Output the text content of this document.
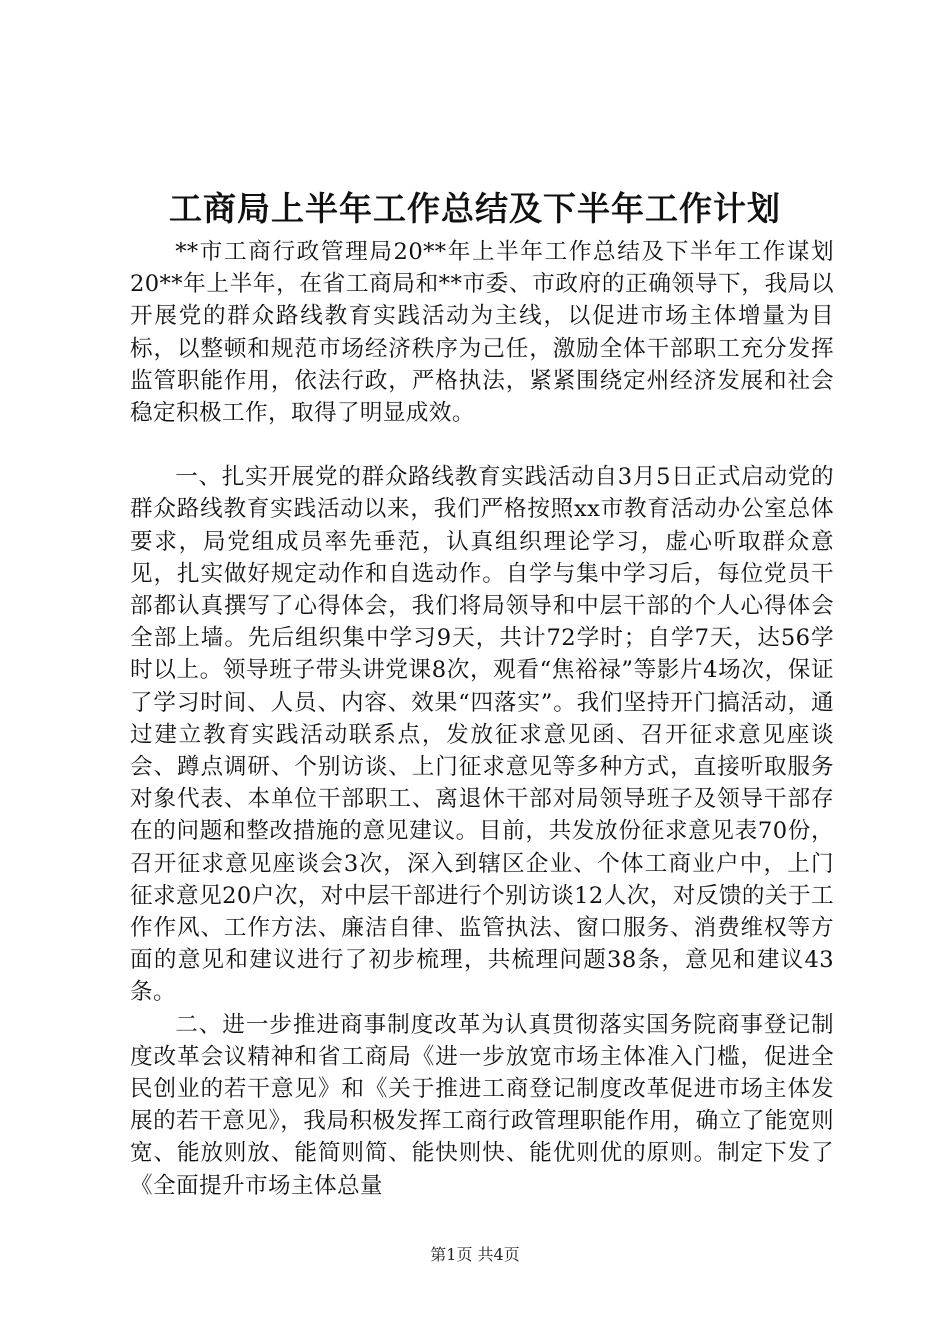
工商局上半年工作总结及下半年工作计划

**市工商行政管理局20**年上半年工作总结及下半年工作谋划20**年上半年，在省工商局和**市委、市政府的正确领导下，我局以开展党的群众路线教育实践活动为主线，以促进市场主体增量为目标，以整顿和规范市场经济秩序为己任，激励全体干部职工充分发挥监管职能作用，依法行政，严格执法，紧紧围绕定州经济发展和社会稳定积极工作，取得了明显成效。

一、扎实开展党的群众路线教育实践活动自3月5日正式启动党的群众路线教育实践活动以来，我们严格按照xx市教育活动办公室总体要求，局党组成员率先垂范，认真组织理论学习，虚心听取群众意见，扎实做好规定动作和自选动作。自学与集中学习后，每位党员干部都认真撰写了心得体会，我们将局领导和中层干部的个人心得体会全部上墙。先后组织集中学习9天，共计72学时；自学7天，达56学时以上。领导班子带头讲党课8次，观看“焦裕禄”等影片4场次，保证了学习时间、人员、内容、效果“四落实”。我们坚持开门搞活动，通过建立教育实践活动联系点，发放征求意见函、召开征求意见座谈会、蹲点调研、个别访谈、上门征求意见等多种方式，直接听取服务对象代表、本单位干部职工、离退休干部对局领导班子及领导干部存在的问题和整改措施的意见建议。目前，共发放份征求意见表70份，召开征求意见座谈会3次，深入到辖区企业、个体工商业户中，上门征求意见20户次，对中层干部进行个别访谈12人次，对反馈的关于工作作风、工作方法、廉洁自律、监管执法、窗口服务、消费维权等方面的意见和建议进行了初步梳理，共梳理问题38条，意见和建议43条。

二、进一步推进商事制度改革为认真贯彻落实国务院商事登记制度改革会议精神和省工商局《进一步放宽市场主体准入门槛，促进全民创业的若干意见》和《关于推进工商登记制度改革促进市场主体发展的若干意见》，我局积极发挥工商行政管理职能作用，确立了能宽则宽、能放则放、能简则简、能快则快、能优则优的原则。制定下发了《全面提升市场主体总量

第1页 共4页
